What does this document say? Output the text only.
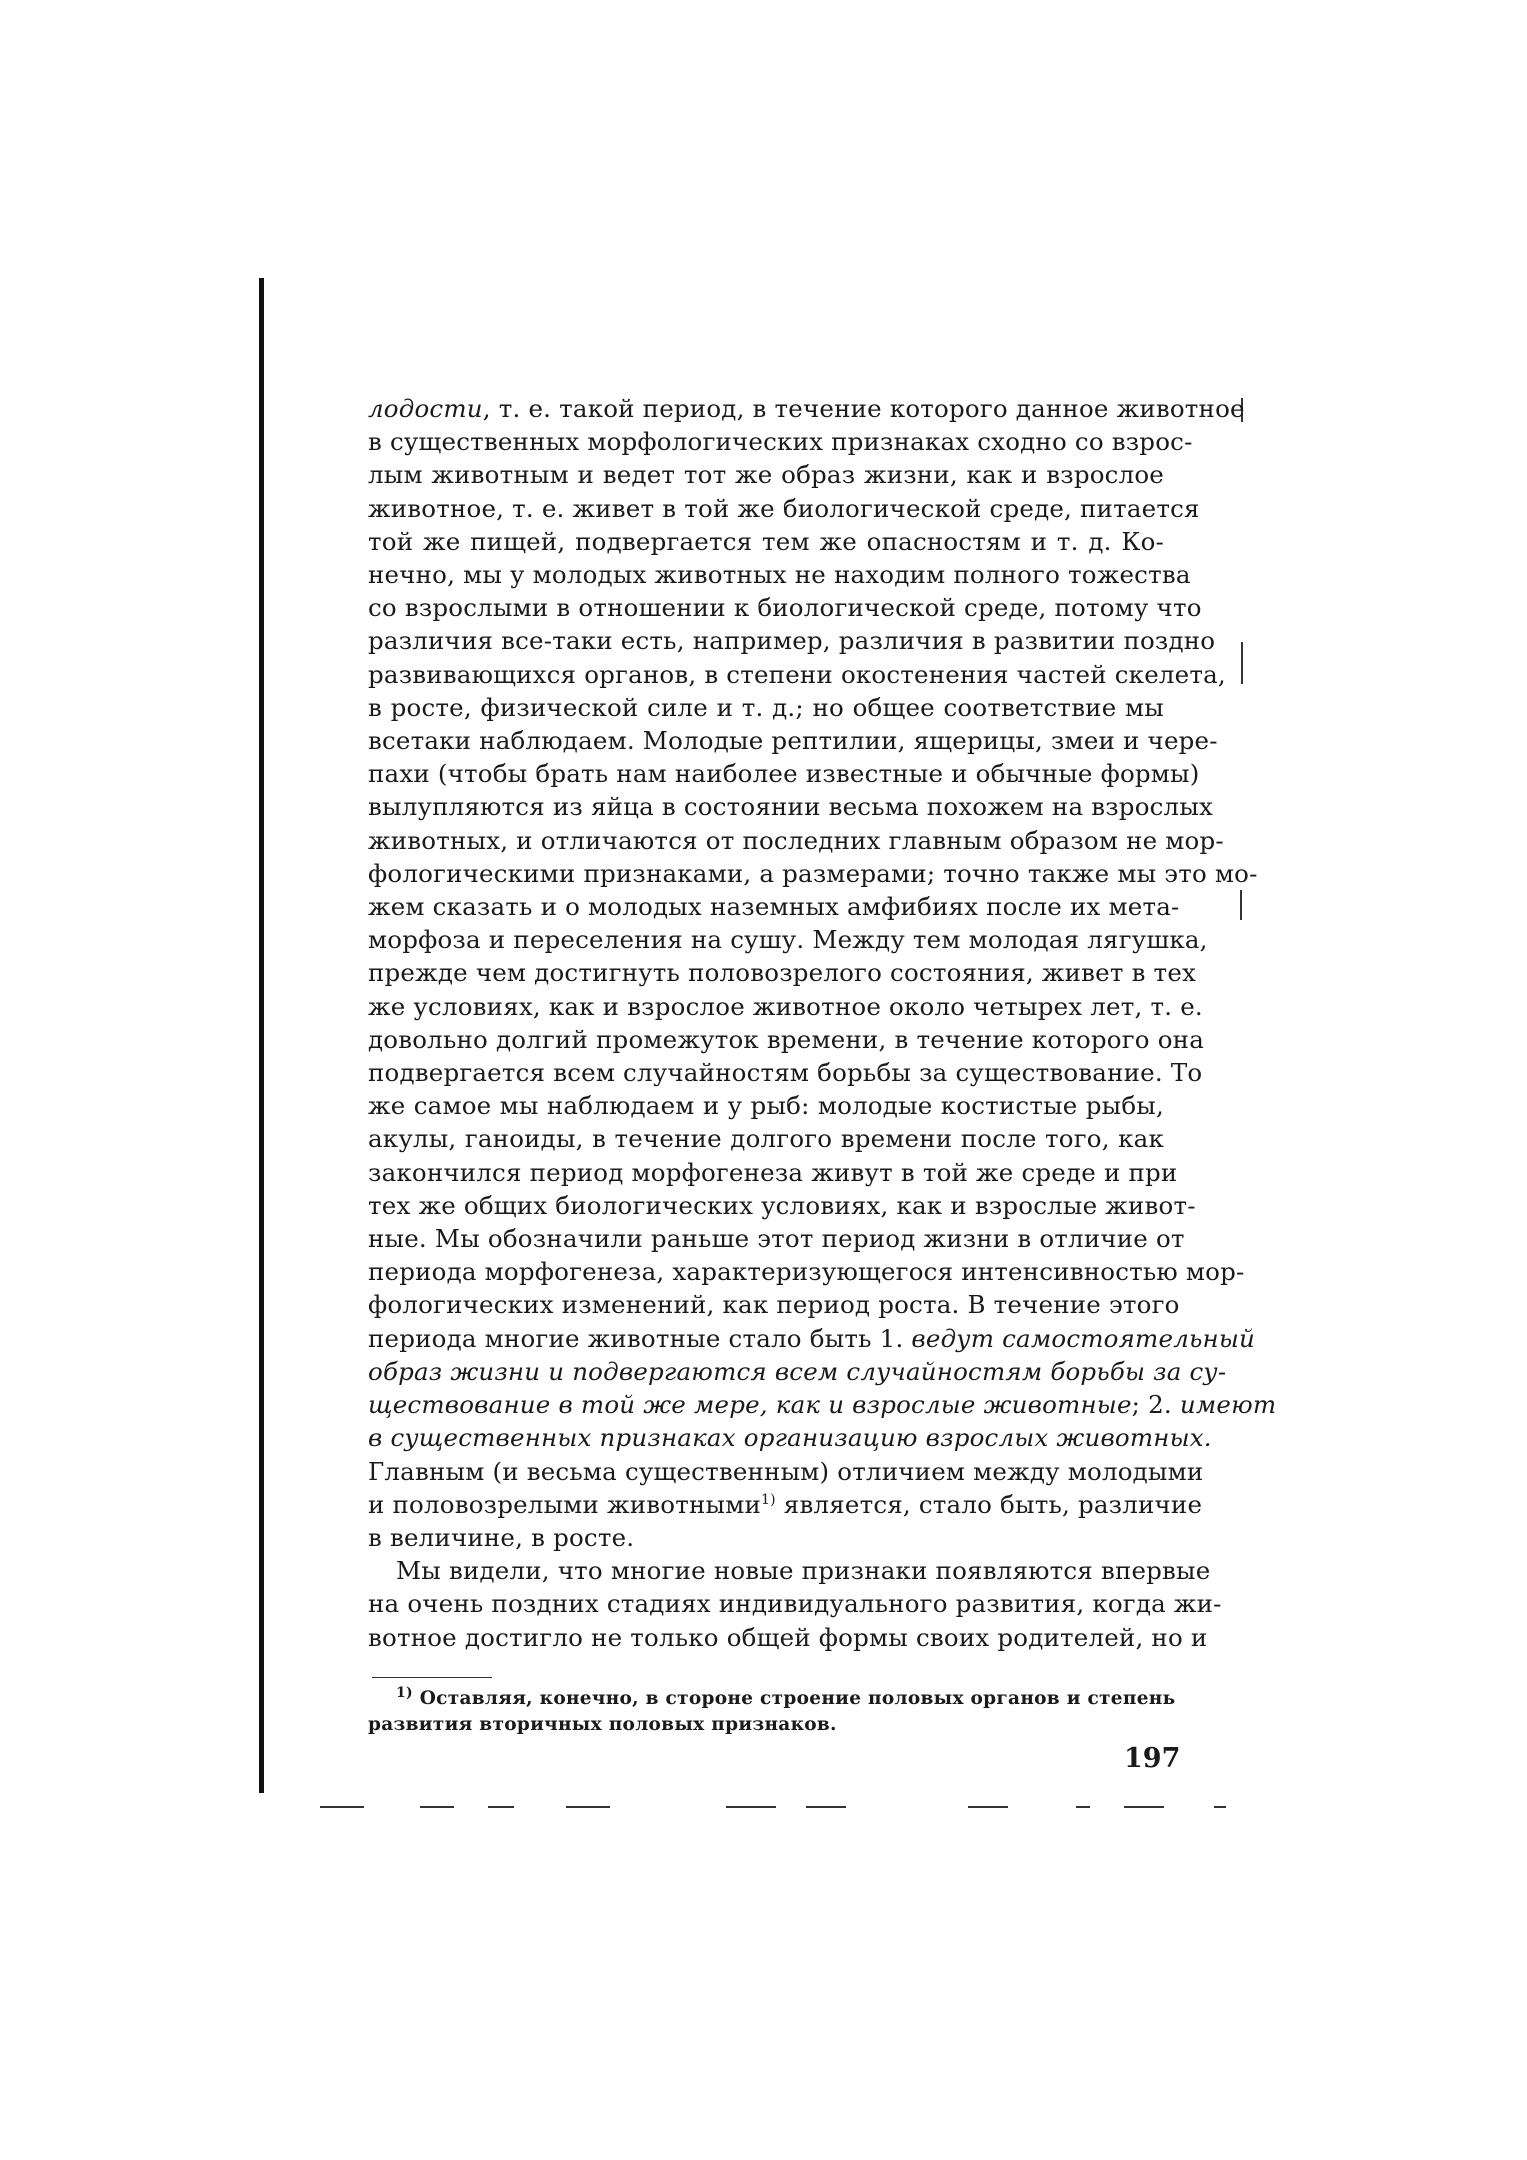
лодости, т. е. такой период, в течение которого данное животное
в существенных морфологических признаках сходно со взрос-
лым животным и ведет тот же образ жизни, как и взрослое
животное, т. е. живет в той же биологической среде, питается
той же пищей, подвергается тем же опасностям и т. д. Ко-
нечно, мы у молодых животных не находим полного тожества
со взрослыми в отношении к биологической среде, потому что
различия все-таки есть, например, различия в развитии поздно
развивающихся органов, в степени окостенения частей скелета,
в росте, физической силе и т. д.; но общее соответствие мы
всетаки наблюдаем. Молодые рептилии, ящерицы, змеи и чере-
пахи (чтобы брать нам наиболее известные и обычные формы)
вылупляются из яйца в состоянии весьма похожем на взрослых
животных, и отличаются от последних главным образом не мор-
фологическими признаками, а размерами; точно также мы это мо-
жем сказать и о молодых наземных амфибиях после их мета-
морфоза и переселения на сушу. Между тем молодая лягушка,
прежде чем достигнуть половозрелого состояния, живет в тех
же условиях, как и взрослое животное около четырех лет, т. е.
довольно долгий промежуток времени, в течение которого она
подвергается всем случайностям борьбы за существование. То
же самое мы наблюдаем и у рыб: молодые костистые рыбы,
акулы, ганоиды, в течение долгого времени после того, как
закончился период морфогенеза живут в той же среде и при
тех же общих биологических условиях, как и взрослые живот-
ные. Мы обозначили раньше этот период жизни в отличие от
периода морфогенеза, характеризующегося интенсивностью мор-
фологических изменений, как период роста. В течение этого
периода многие животные стало быть 1. ведут самостоятельный
образ жизни и подвергаются всем случайностям борьбы за су-
ществование в той же мере, как и взрослые животные; 2. имеют
в существенных признаках организацию взрослых животных.
Главным (и весьма существенным) отличием между молодыми
и половозрелыми животными$^{1)}$ является, стало быть, различие
в величине, в росте.
Мы видели, что многие новые признаки появляются впервые
на очень поздних стадиях индивидуального развития, когда жи-
вотное достигло не только общей формы своих родителей, но и
$^{1)}$ Оставляя, конечно, в стороне строение половых органов и степень
развития вторичных половых признаков.
197
